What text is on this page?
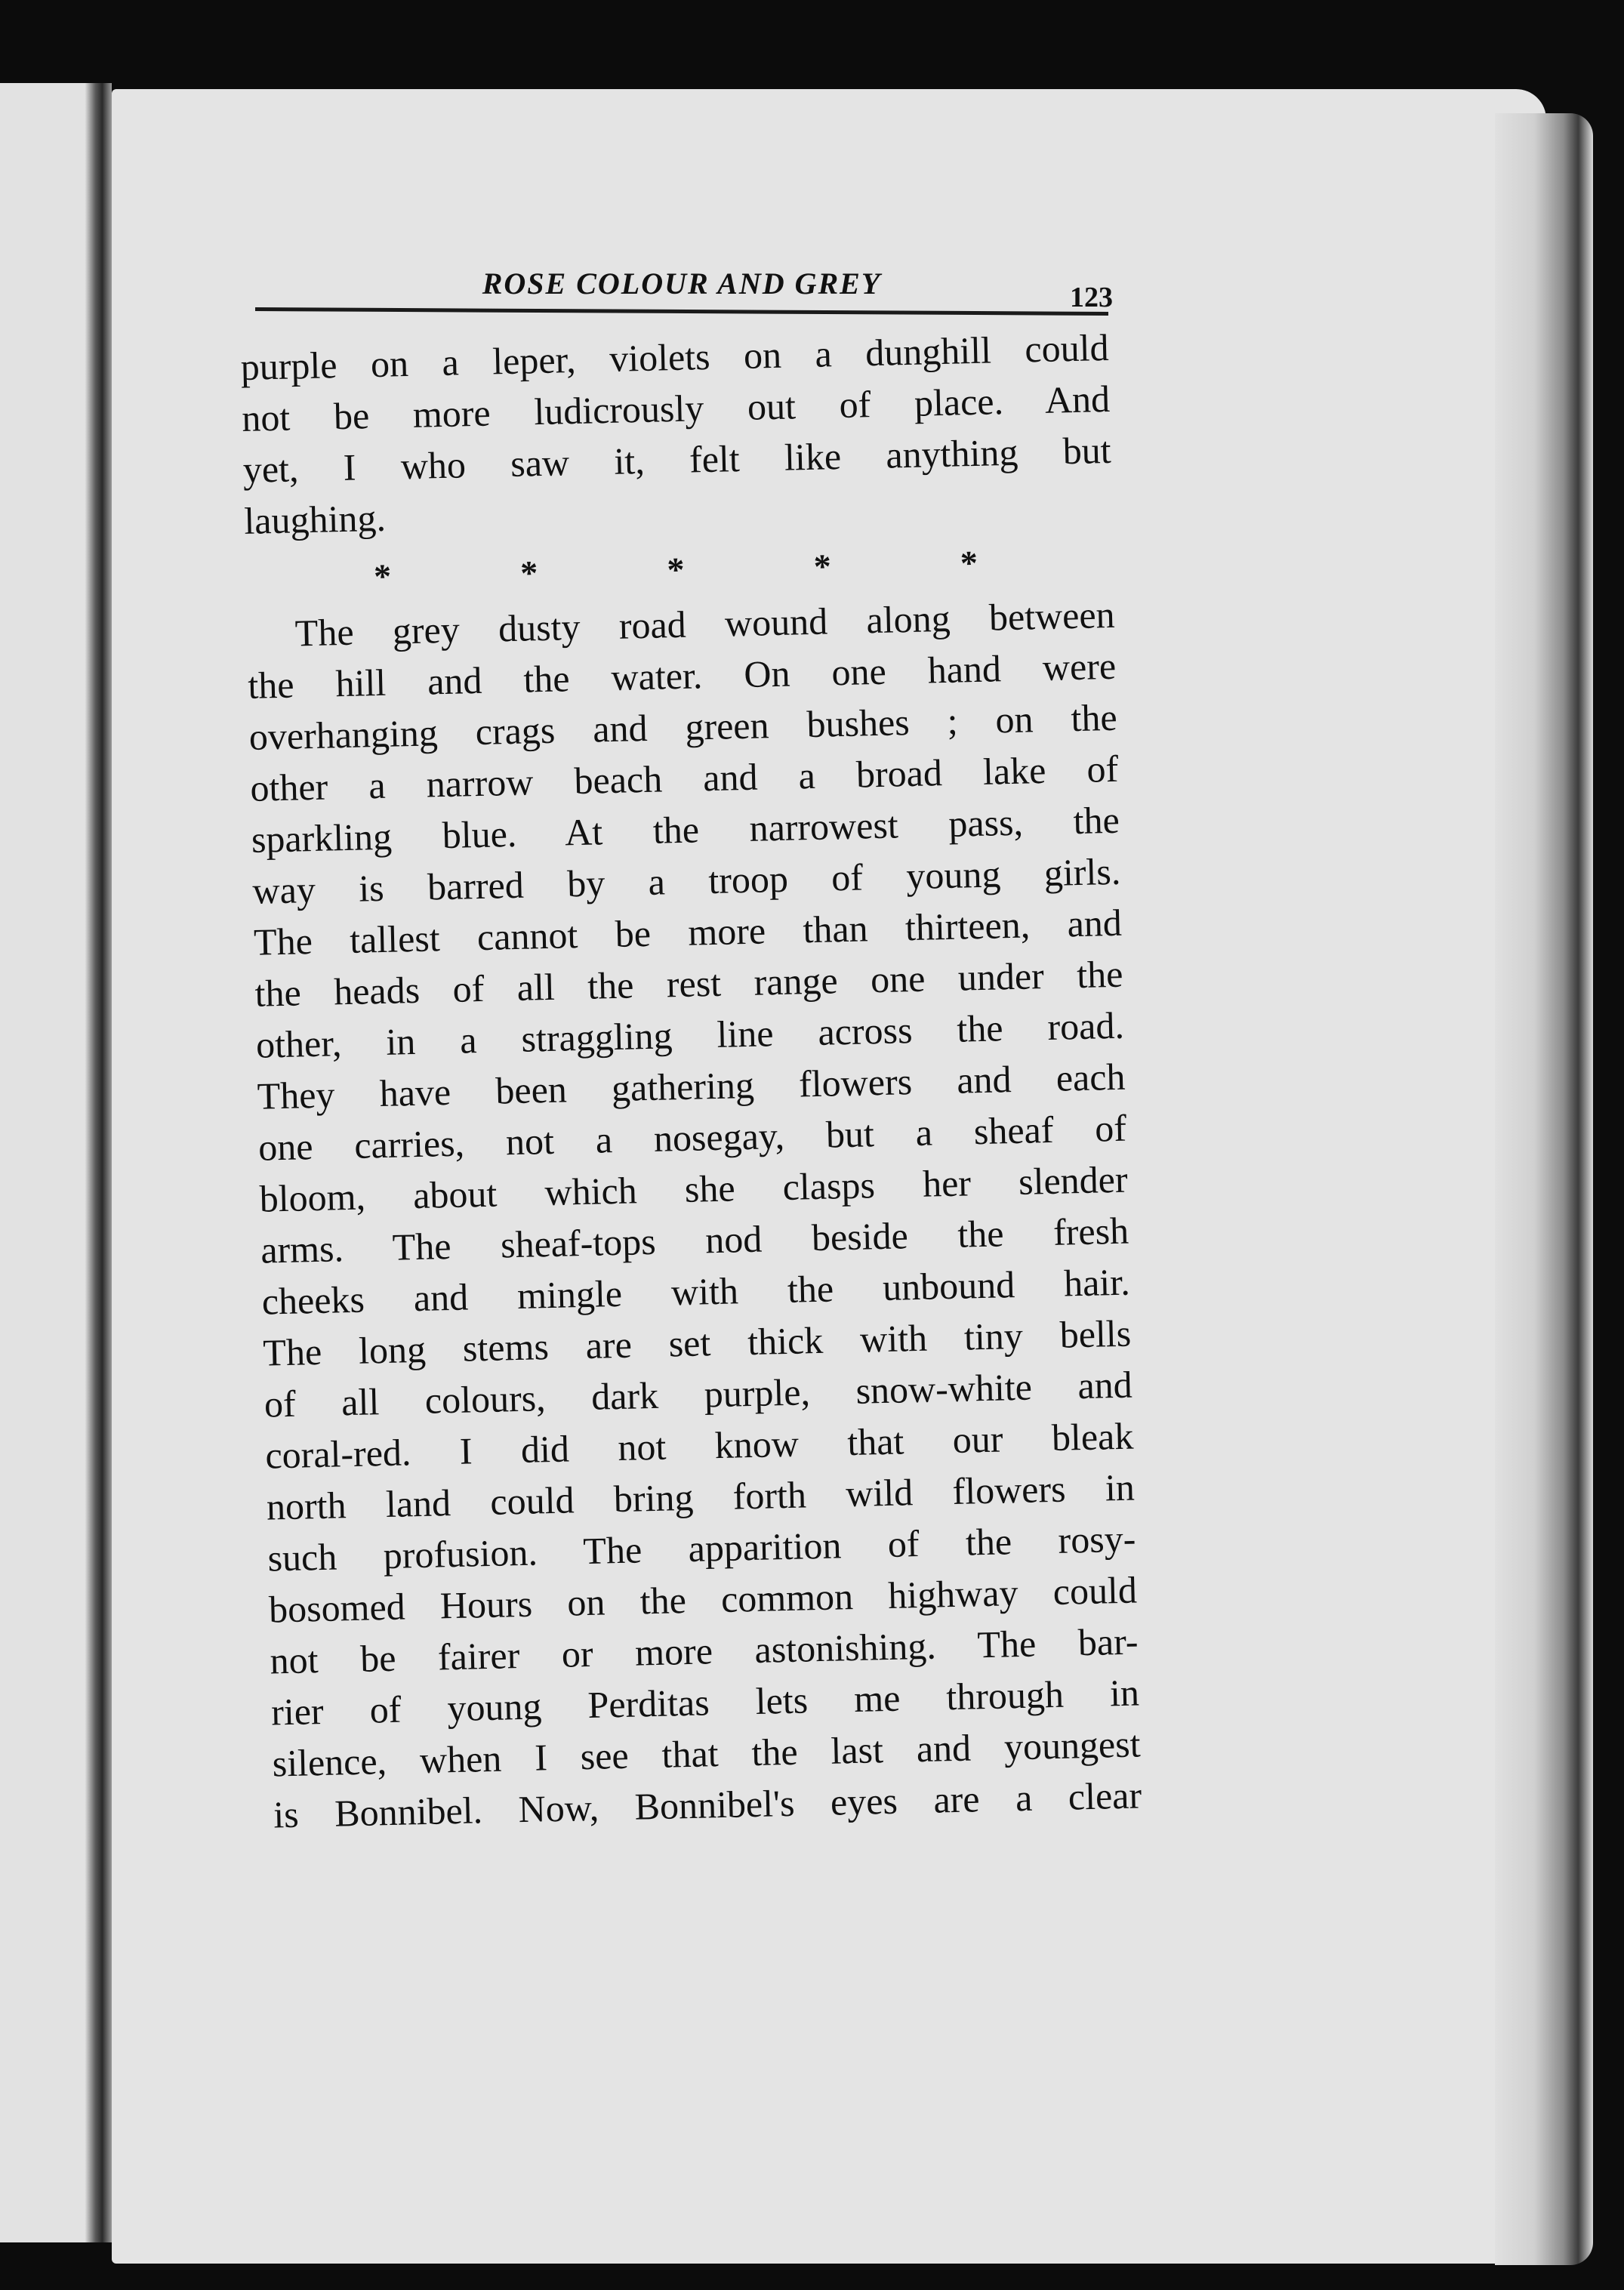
ROSE COLOUR AND GREY	123
purple on a leper, violets on a dunghill could
not be more ludicrously out of place. And
yet, I who saw it, felt like anything but
laughing.
*	*	*	*	*
The grey dusty road wound along between
the hill and the water. On one hand were
overhanging crags and green bushes ; on the
other a narrow beach and a broad lake of
sparkling blue. At the narrowest pass, the
way is barred by a troop of young girls.
The tallest cannot be more than thirteen, and
the heads of all the rest range one under the
other, in a straggling line across the road.
They have been gathering flowers and each
one carries, not a nosegay, but a sheaf of
bloom, about which she clasps her slender
arms. The sheaf-tops nod beside the fresh
cheeks and mingle with the unbound hair.
The long stems are set thick with tiny bells
of all colours, dark purple, snow-white and
coral-red. I did not know that our bleak
north land could bring forth wild flowers in
such profusion. The apparition of the rosy-
bosomed Hours on the common highway could
not be fairer or more astonishing. The bar-
rier of young Perditas lets me through in
silence, when I see that the last and youngest
is Bonnibel. Now, Bonnibel's eyes are a clear
